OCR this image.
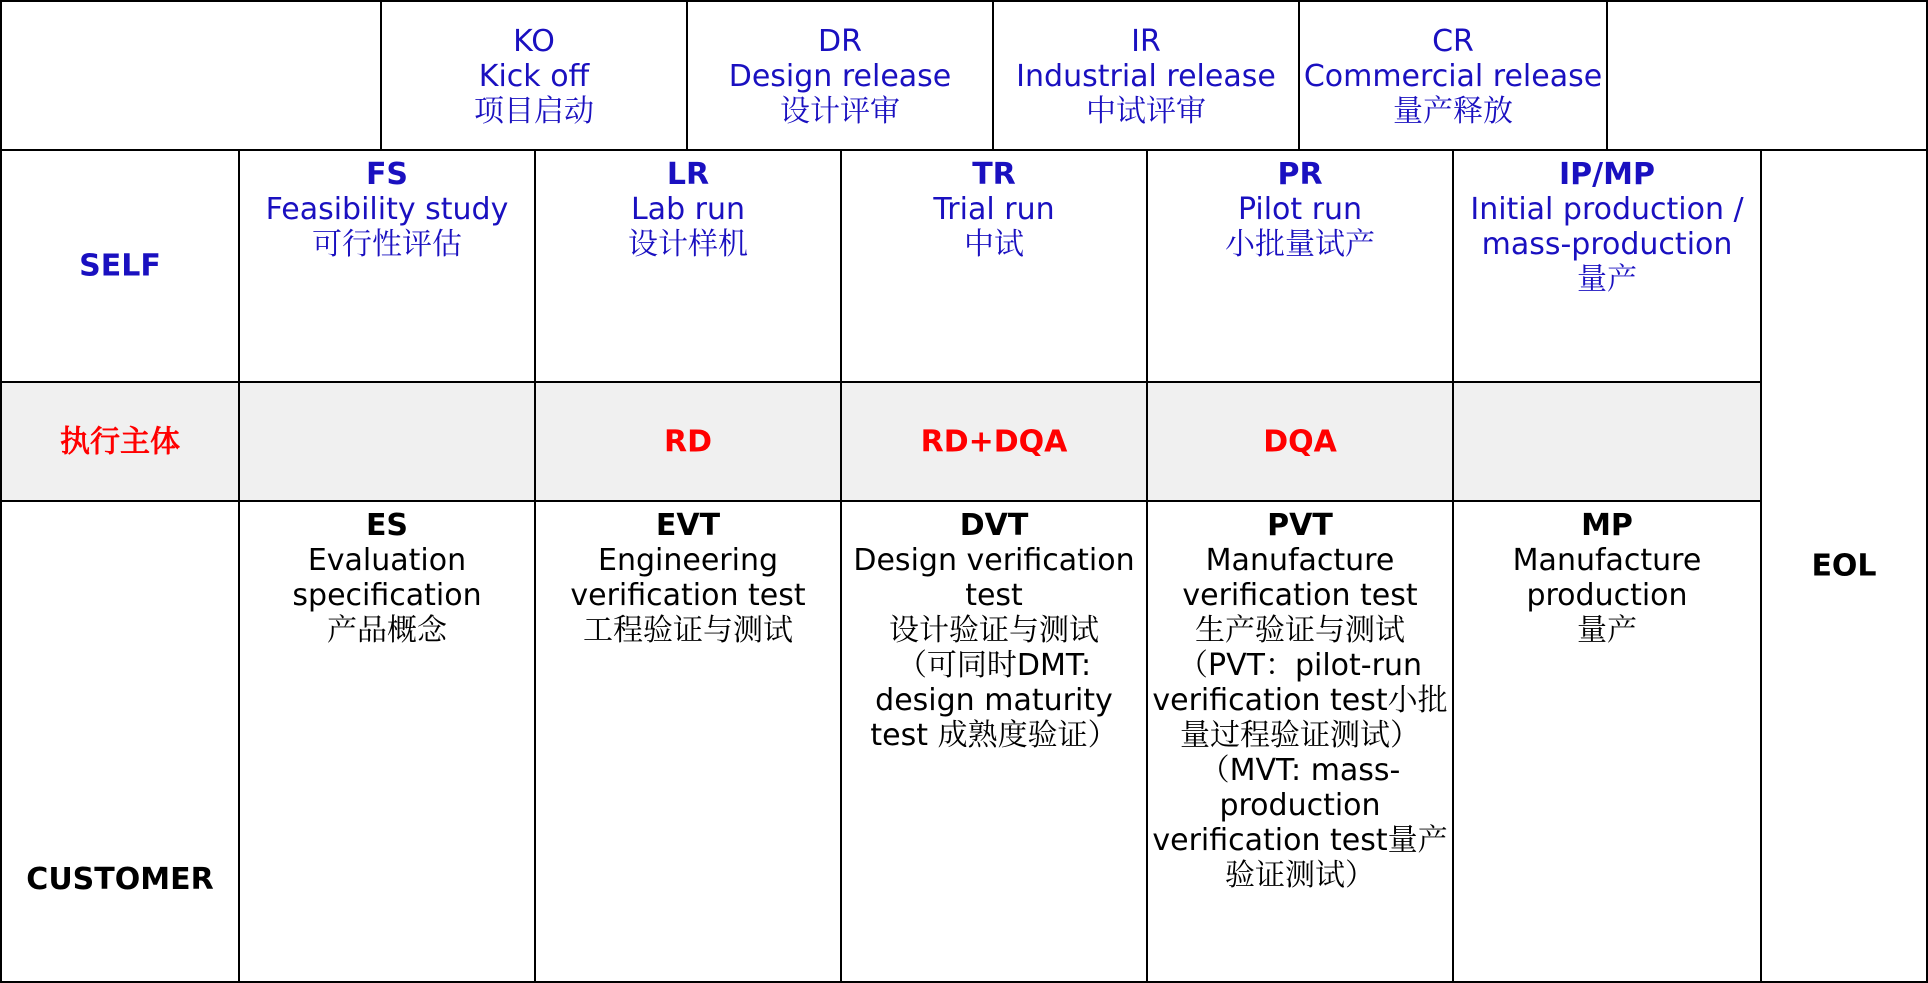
KO
Kick off
项目启动
DR
Design release
设计评审
IR
Industrial release
中试评审
CR
Commercial release
量产释放
SELF
执行主体
CUSTOMER
FS
Feasibility study
可行性评估
LR
Lab run
设计样机
TR
Trial run
中试
PR
Pilot run
小批量试产
IP/MP
Initial production /
mass-production
量产
RD	RD+DQA	DQA
ES
Evaluation
specification
产品概念
EVT
Engineering
verification test
工程验证与测试
DVT
Design verification
test
设计验证与测试
（可同时DMT:
design maturity
test 成熟度验证）
PVT
Manufacture
verification test
生产验证与测试
（PVT：pilot-run
verification test小批
量过程验证测试）
（MVT: mass-
production
verification test量产
验证测试）
MP
Manufacture
production
量产
EOL
